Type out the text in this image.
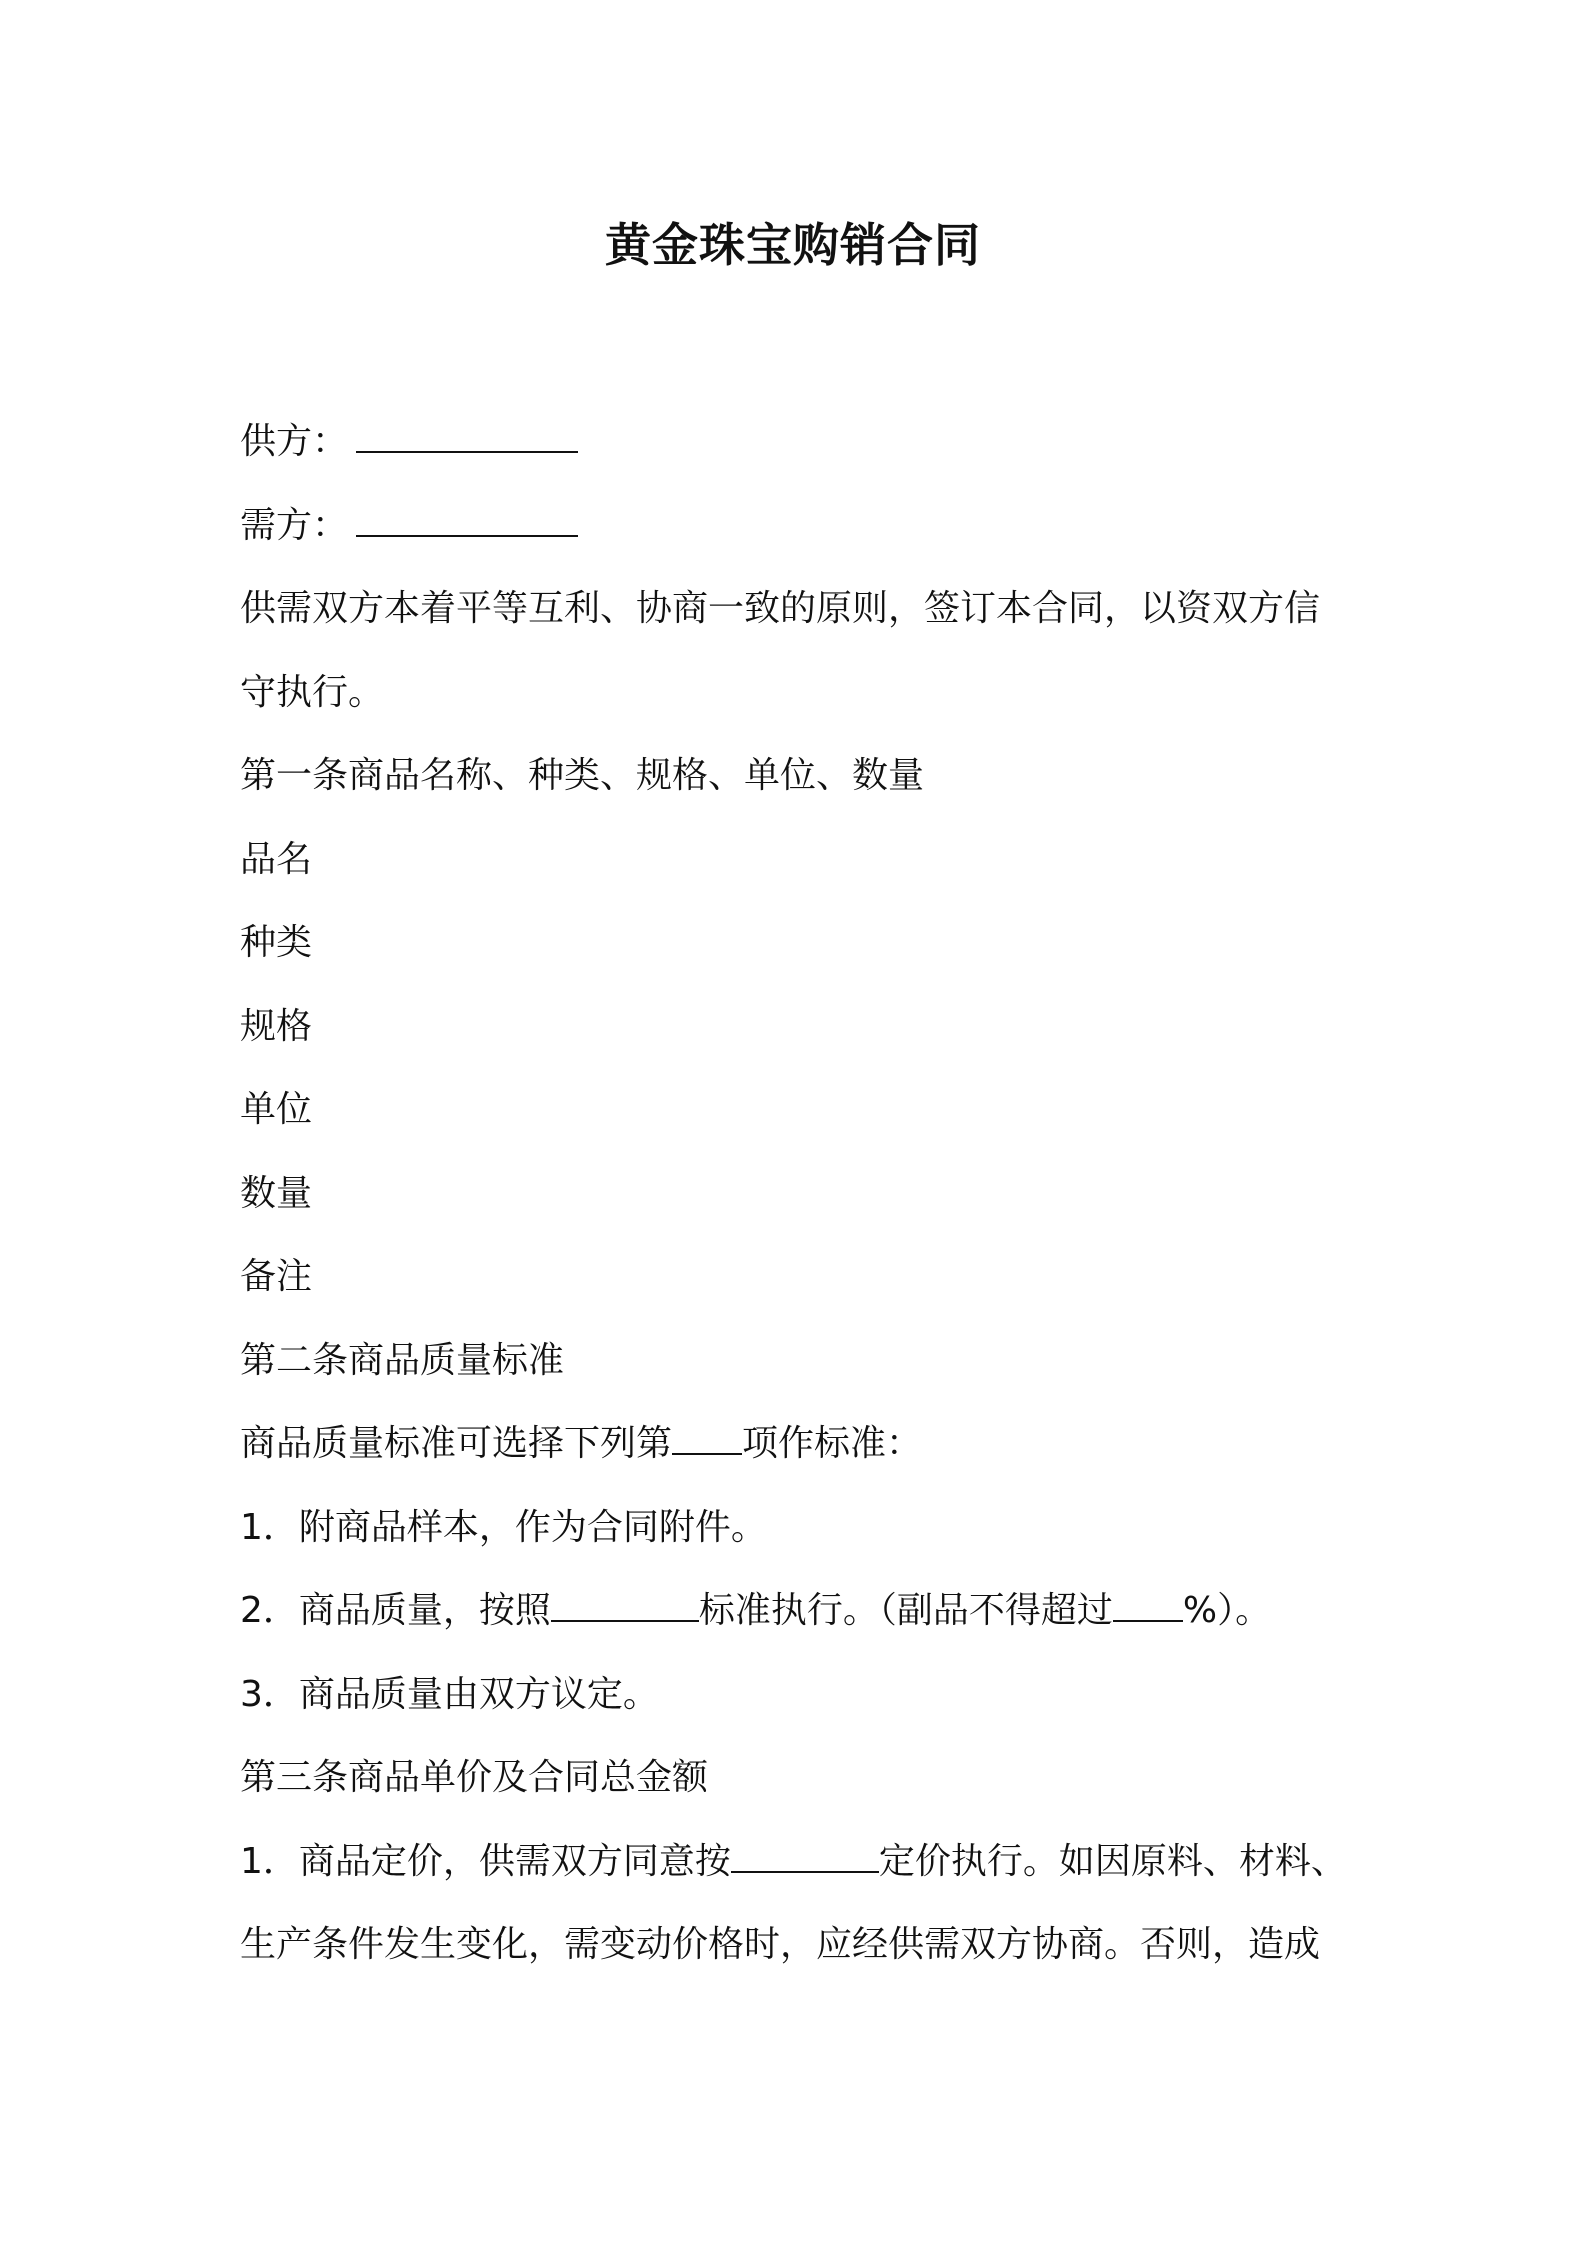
黄金珠宝购销合同
供方：
需方：
供需双方本着平等互利、协商一致的原则，签订本合同，以资双方信
守执行。
第一条商品名称、种类、规格、单位、数量
品名
种类
规格
单位
数量
备注
第二条商品质量标准
商品质量标准可选择下列第 项作标准：
1．附商品样本，作为合同附件。
2．商品质量，按照	标准执行。（副品不得超过 %）。
3．商品质量由双方议定。
第三条商品单价及合同总金额
1．商品定价，供需双方同意按	定价执行。如因原料、材料、
生产条件发生变化，需变动价格时，应经供需双方协商。否则，造成
